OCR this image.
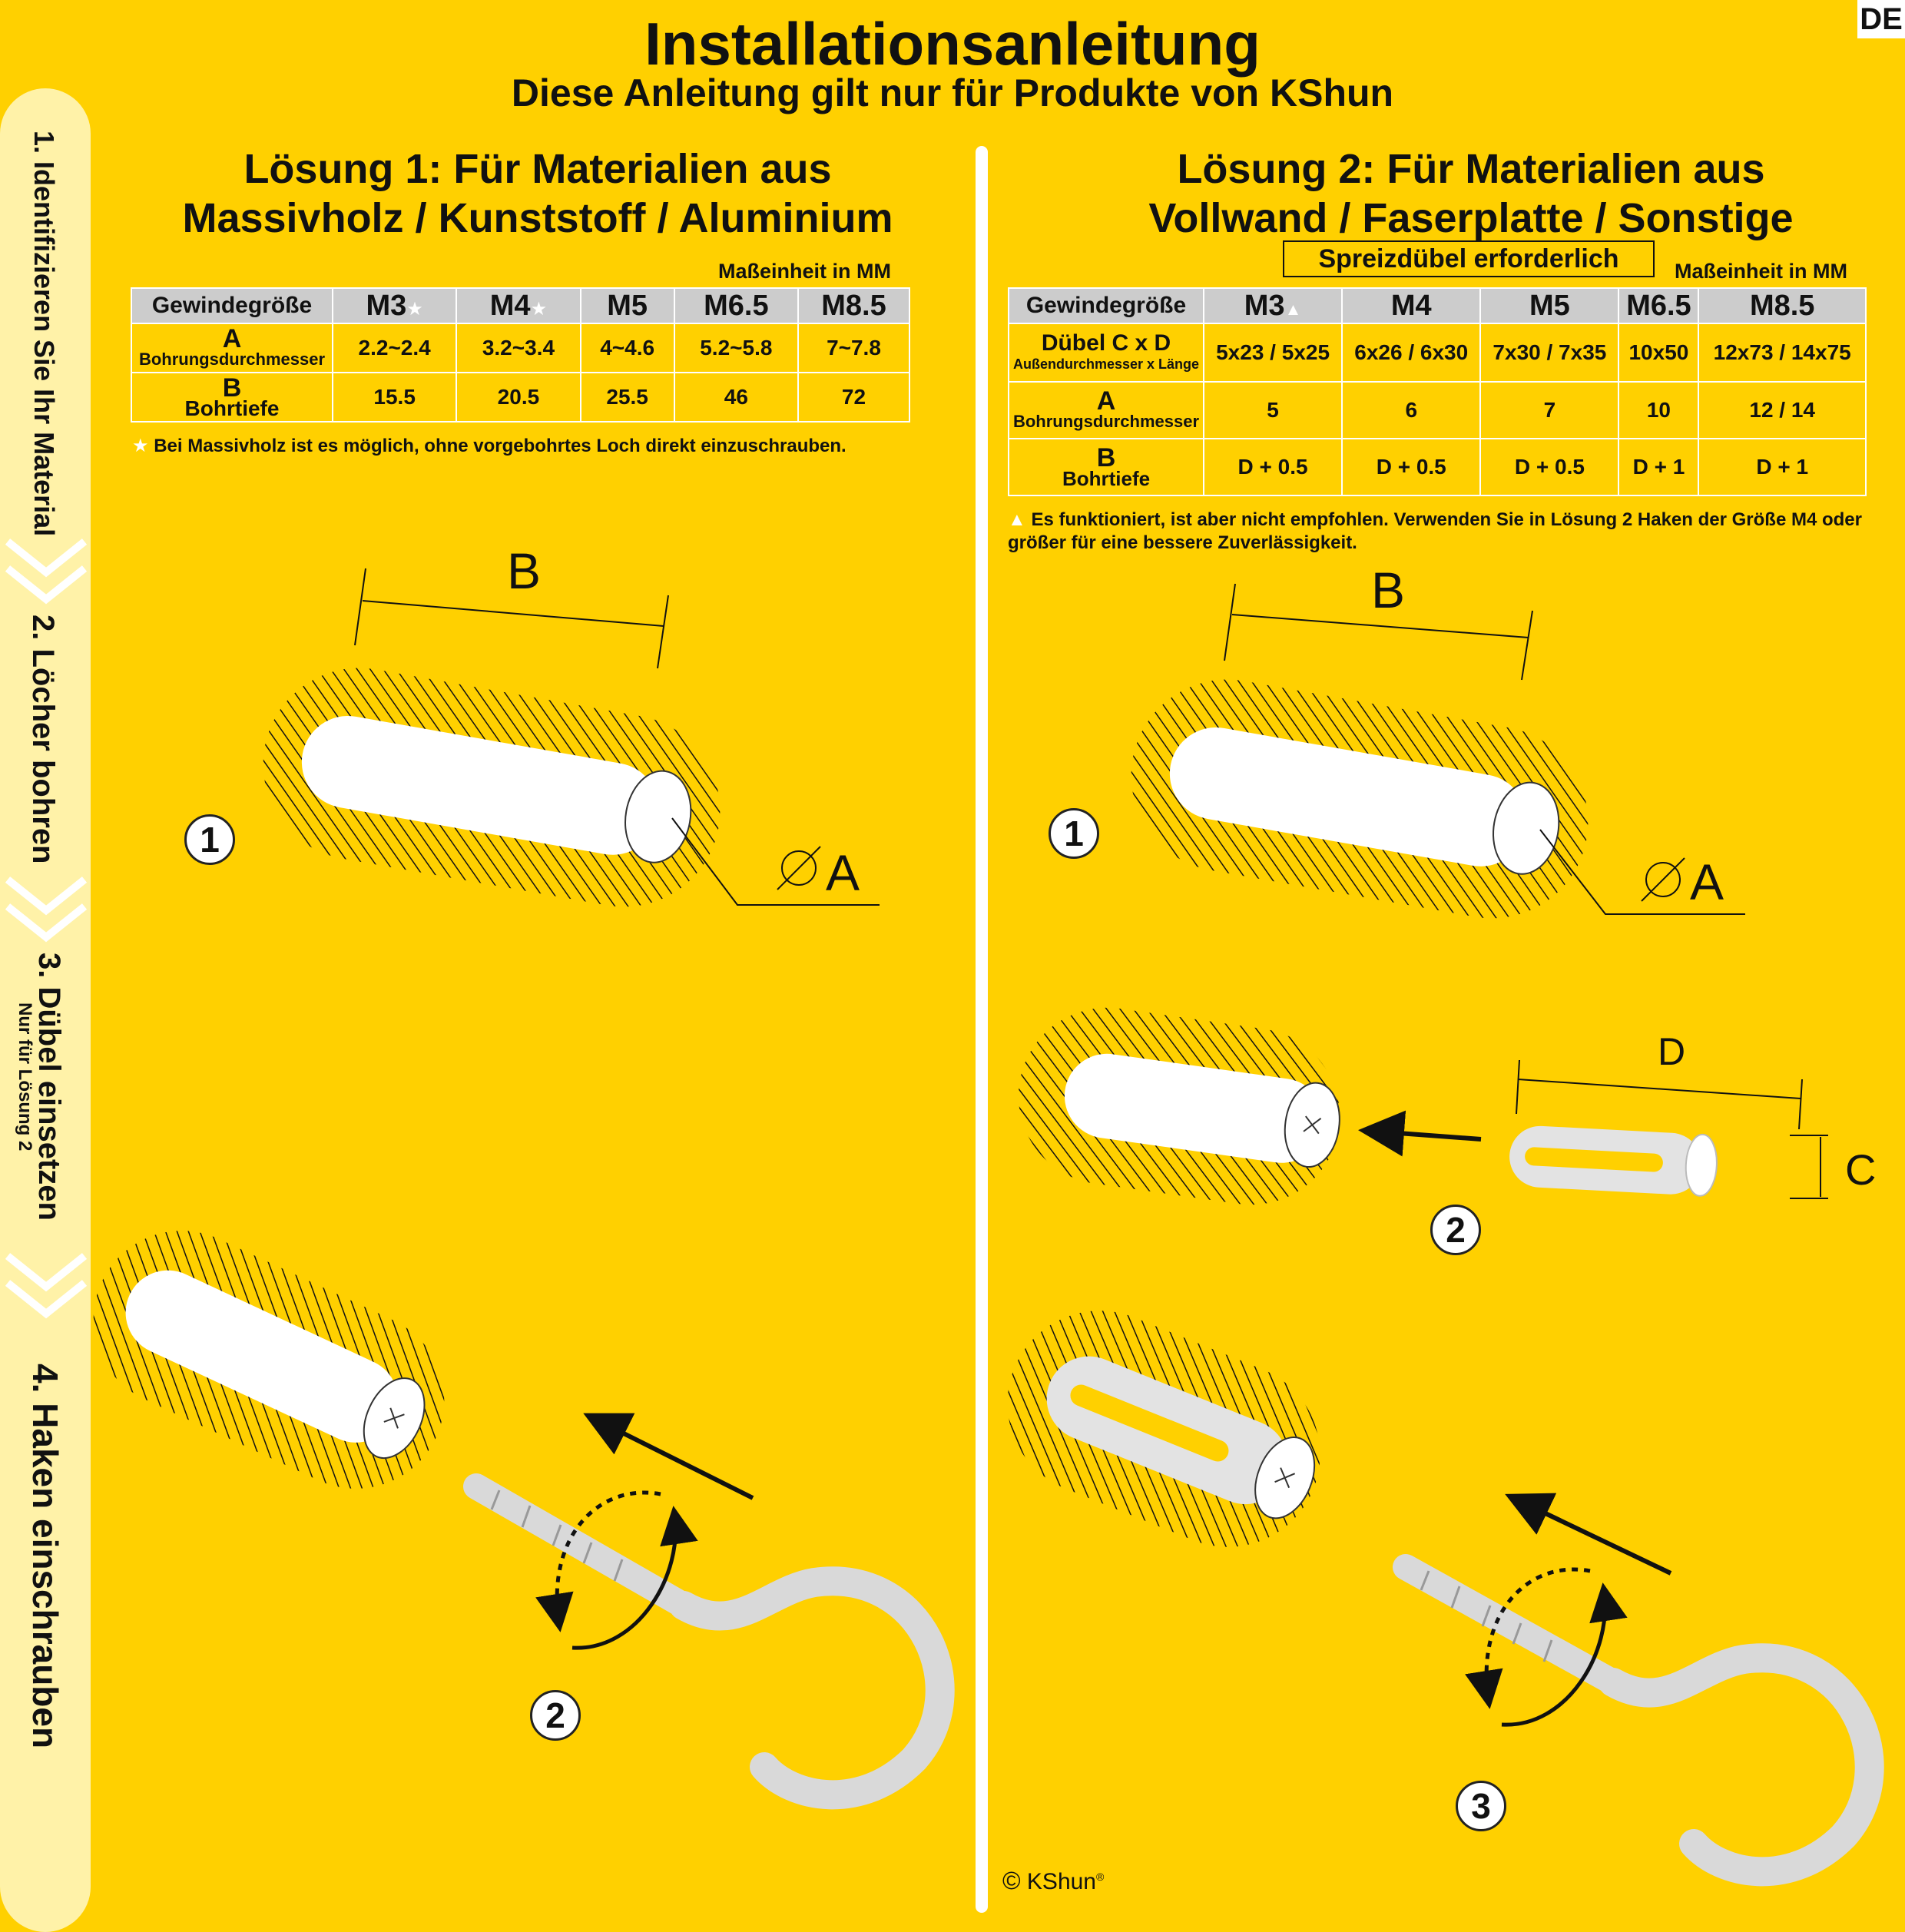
DE
Installationsanleitung
Diese Anleitung gilt nur für Produkte von KShun
1. Identifizieren Sie Ihr Material
2. Löcher bohren
3. Dübel einsetzen
Nur für Lösung 2
4. Haken einschrauben
Lösung 1: Für Materialien aus
Massivholz / Kunststoff / Aluminium
Maßeinheit in MM
Gewindegröße	M3★	M4★	M5	M6.5	M8.5

A
Bohrungsdurchmesser	2.2~2.4	3.2~3.4	4~4.6	5.2~5.8	7~7.8

B
Bohrtiefe	15.5	20.5	25.5	46	72
★ Bei Massivholz ist es möglich, ohne vorgebohrtes Loch direkt einzuschrauben.
Lösung 2: Für Materialien aus
Vollwand / Faserplatte / Sonstige
Spreizdübel erforderlich	Maßeinheit in MM
Gewindegröße	M3▲	M4	M5	M6.5	M8.5

Dübel C x D
Außendurchmesser x Länge	5x23 / 5x25	6x26 / 6x30	7x30 / 7x35	10x50	12x73 / 14x75

A
Bohrungsdurchmesser	5	6	7	10	12 / 14

B
Bohrtiefe	D + 0.5	D + 0.5	D + 0.5	D + 1	D + 1
▲ Es funktioniert, ist aber nicht empfohlen. Verwenden Sie in Lösung 2 Haken der Größe M4 oder größer für eine bessere Zuverlässigkeit.
B
A
B
A
D
C
1
2
1
2
3
© KShun®
